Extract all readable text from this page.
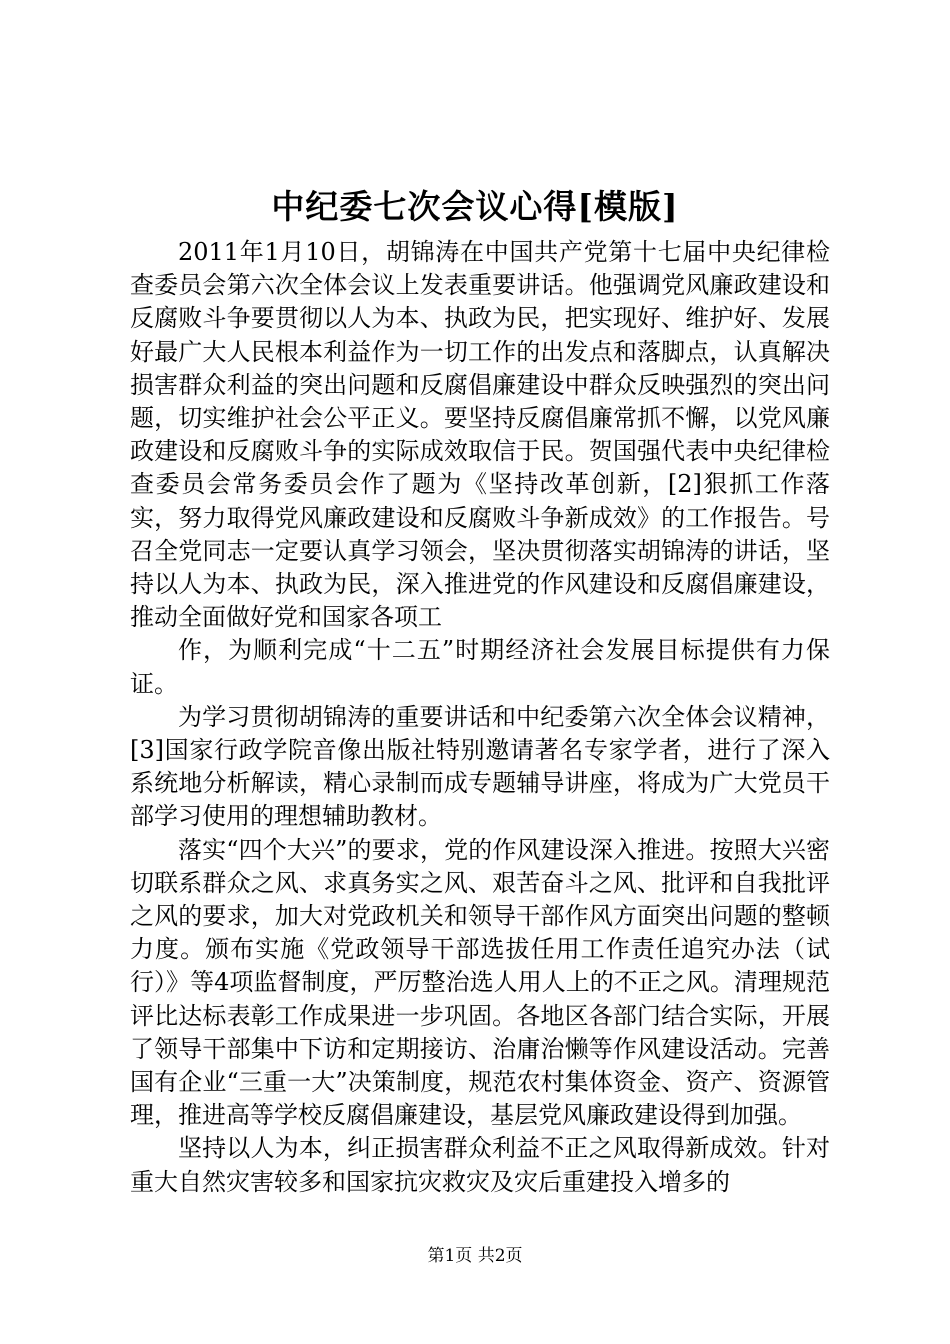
中纪委七次会议心得[模版]

2011年1月10日，胡锦涛在中国共产党第十七届中央纪律检查委员会第六次全体会议上发表重要讲话。他强调党风廉政建设和反腐败斗争要贯彻以人为本、执政为民，把实现好、维护好、发展好最广大人民根本利益作为一切工作的出发点和落脚点，认真解决损害群众利益的突出问题和反腐倡廉建设中群众反映强烈的突出问题，切实维护社会公平正义。要坚持反腐倡廉常抓不懈，以党风廉政建设和反腐败斗争的实际成效取信于民。贺国强代表中央纪律检查委员会常务委员会作了题为《坚持改革创新，[2]狠抓工作落实，努力取得党风廉政建设和反腐败斗争新成效》的工作报告。号召全党同志一定要认真学习领会，坚决贯彻落实胡锦涛的讲话，坚持以人为本、执政为民，深入推进党的作风建设和反腐倡廉建设，推动全面做好党和国家各项工

作，为顺利完成“十二五”时期经济社会发展目标提供有力保证。

为学习贯彻胡锦涛的重要讲话和中纪委第六次全体会议精神，[3]国家行政学院音像出版社特别邀请著名专家学者，进行了深入系统地分析解读，精心录制而成专题辅导讲座，将成为广大党员干部学习使用的理想辅助教材。

落实“四个大兴”的要求，党的作风建设深入推进。按照大兴密切联系群众之风、求真务实之风、艰苦奋斗之风、批评和自我批评之风的要求，加大对党政机关和领导干部作风方面突出问题的整顿力度。颁布实施《党政领导干部选拔任用工作责任追究办法（试行）》等4项监督制度，严厉整治选人用人上的不正之风。清理规范评比达标表彰工作成果进一步巩固。各地区各部门结合实际，开展了领导干部集中下访和定期接访、治庸治懒等作风建设活动。完善国有企业“三重一大”决策制度，规范农村集体资金、资产、资源管理，推进高等学校反腐倡廉建设，基层党风廉政建设得到加强。

坚持以人为本，纠正损害群众利益不正之风取得新成效。针对重大自然灾害较多和国家抗灾救灾及灾后重建投入增多的

第1页 共2页
